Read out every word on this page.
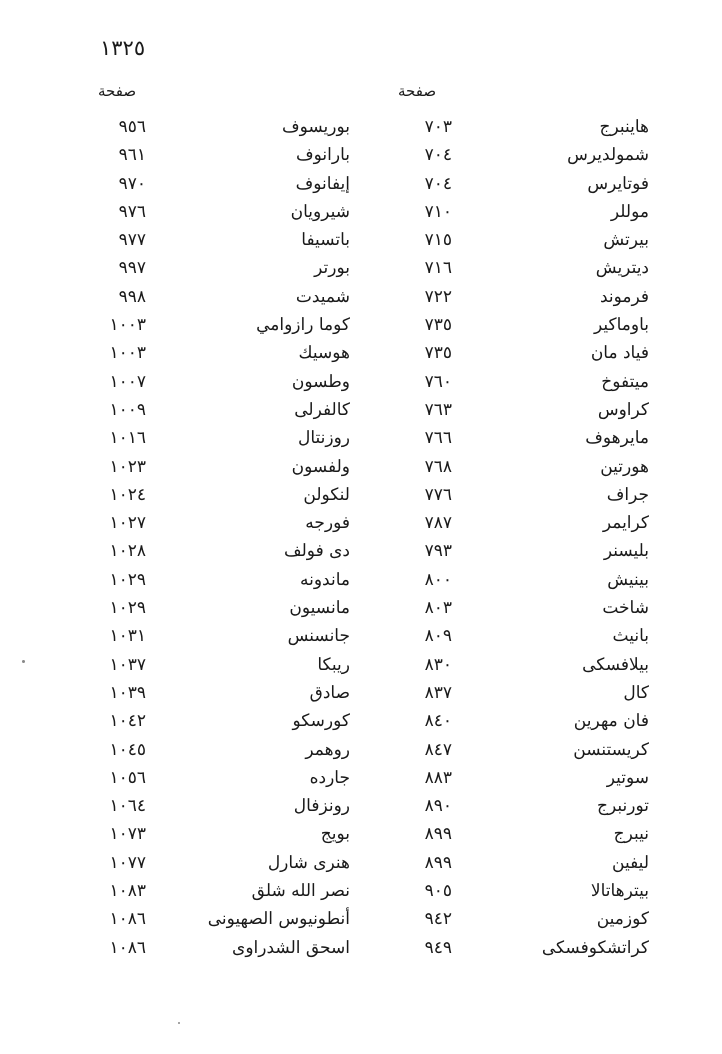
١٣٢٥
صفحة	صفحة
هاينبرج
٧٠٣
بوريسوف
٩٥٦
شمولديرس
٧٠٤
بارانوف
٩٦١
فوتايرس
٧٠٤
إيفانوف
٩٧٠
موللر
٧١٠
شيرويان
٩٧٦
بيرتش
٧١٥
باتسيفا
٩٧٧
ديتريش
٧١٦
بورتر
٩٩٧
فرموند
٧٢٢
شميدت
٩٩٨
باوماكير
٧٣٥
كوما رازوامي
١٠٠٣
فياد مان
٧٣٥
هوسيك
١٠٠٣
ميتفوخ
٧٦٠
وطسون
١٠٠٧
كراوس
٧٦٣
كالفرلى
١٠٠٩
مايرهوف
٧٦٦
روزنتال
١٠١٦
هورتين
٧٦٨
ولفسون
١٠٢٣
جراف
٧٧٦
لنكولن
١٠٢٤
كرايمر
٧٨٧
فورجه
١٠٢٧
بليسنر
٧٩٣
دى فولف
١٠٢٨
بينيش
٨٠٠
ماندونه
١٠٢٩
شاخت
٨٠٣
مانسيون
١٠٢٩
بانيث
٨٠٩
جانسنس
١٠٣١
بيلافسكى
٨٣٠
ريبكا
١٠٣٧
كال
٨٣٧
صادق
١٠٣٩
فان مهرين
٨٤٠
كورسكو
١٠٤٢
كريستنسن
٨٤٧
روهمر
١٠٤٥
سوتير
٨٨٣
جارده
١٠٥٦
تورنبرج
٨٩٠
رونزفال
١٠٦٤
نيبرج
٨٩٩
بويج
١٠٧٣
ليفين
٨٩٩
هنرى شارل
١٠٧٧
بيترهاتالا
٩٠٥
نصر الله شلق
١٠٨٣
كوزمين
٩٤٢
أنطونيوس الصهيونى
١٠٨٦
كراتشكوفسكى
٩٤٩
اسحق الشدراوى
١٠٨٦
